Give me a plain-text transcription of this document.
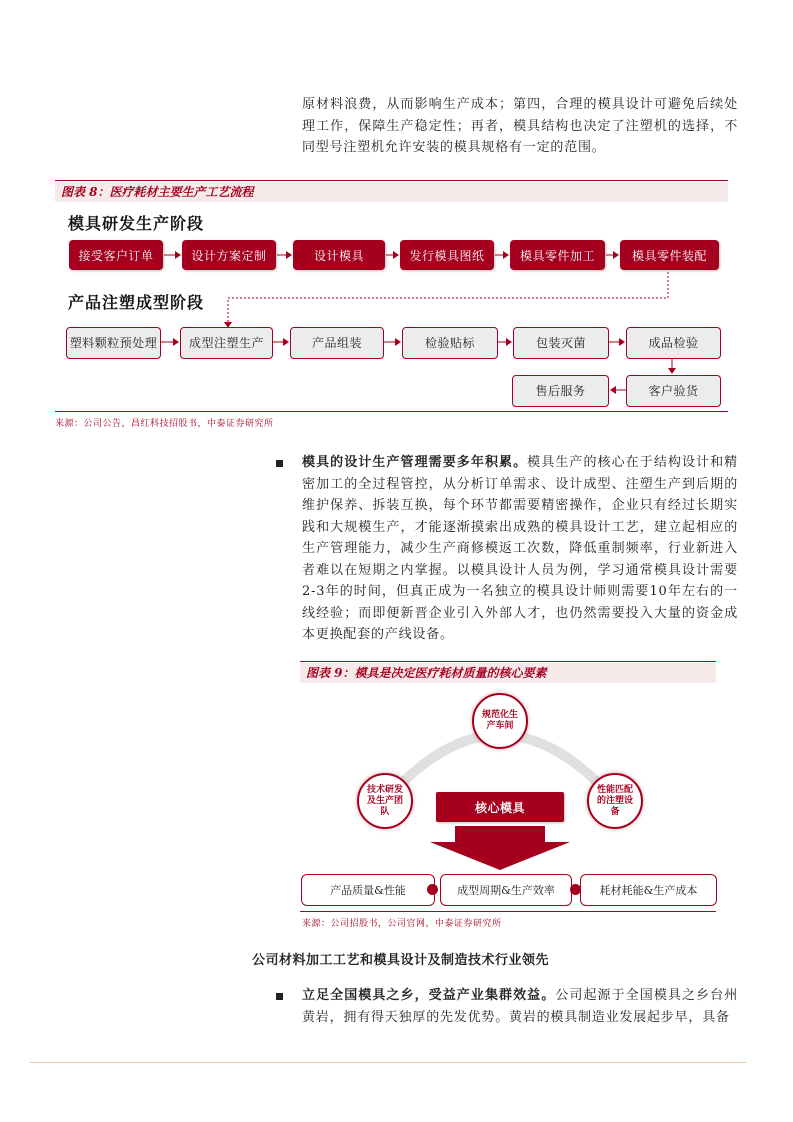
原材料浪费，从而影响生产成本；第四，合理的模具设计可避免后续处理工作，保障生产稳定性；再者，模具结构也决定了注塑机的选择，不同型号注塑机允许安装的模具规格有一定的范围。
图表 8：医疗耗材主要生产工艺流程
模具研发生产阶段
接受客户订单	设计方案定制	设计模具	发行模具图纸	模具零件加工	模具零件装配
产品注塑成型阶段
塑料颗粒预处理	成型注塑生产	产品组装	检验贴标	包装灭菌	成品检验
售后服务	客户验货
来源：公司公告，昌红科技招股书，中泰证券研究所
模具的设计生产管理需要多年积累。模具生产的核心在于结构设计和精密加工的全过程管控，从分析订单需求、设计成型、注塑生产到后期的维护保养、拆装互换，每个环节都需要精密操作，企业只有经过长期实践和大规模生产，才能逐渐摸索出成熟的模具设计工艺，建立起相应的生产管理能力，减少生产商修模返工次数，降低重制频率，行业新进入者难以在短期之内掌握。以模具设计人员为例，学习通常模具设计需要2-3年的时间，但真正成为一名独立的模具设计师则需要10年左右的一线经验；而即便新晋企业引入外部人才，也仍然需要投入大量的资金成本更换配套的产线设备。
图表 9：模具是决定医疗耗材质量的核心要素
规范化生产车间
技术研发及生产团队
性能匹配的注塑设备
核心模具
产品质量&性能	成型周期&生产效率	耗材耗能&生产成本
来源：公司招股书，公司官网，中泰证券研究所
公司材料加工工艺和模具设计及制造技术行业领先
立足全国模具之乡，受益产业集群效益。公司起源于全国模具之乡台州黄岩，拥有得天独厚的先发优势。黄岩的模具制造业发展起步早，具备
